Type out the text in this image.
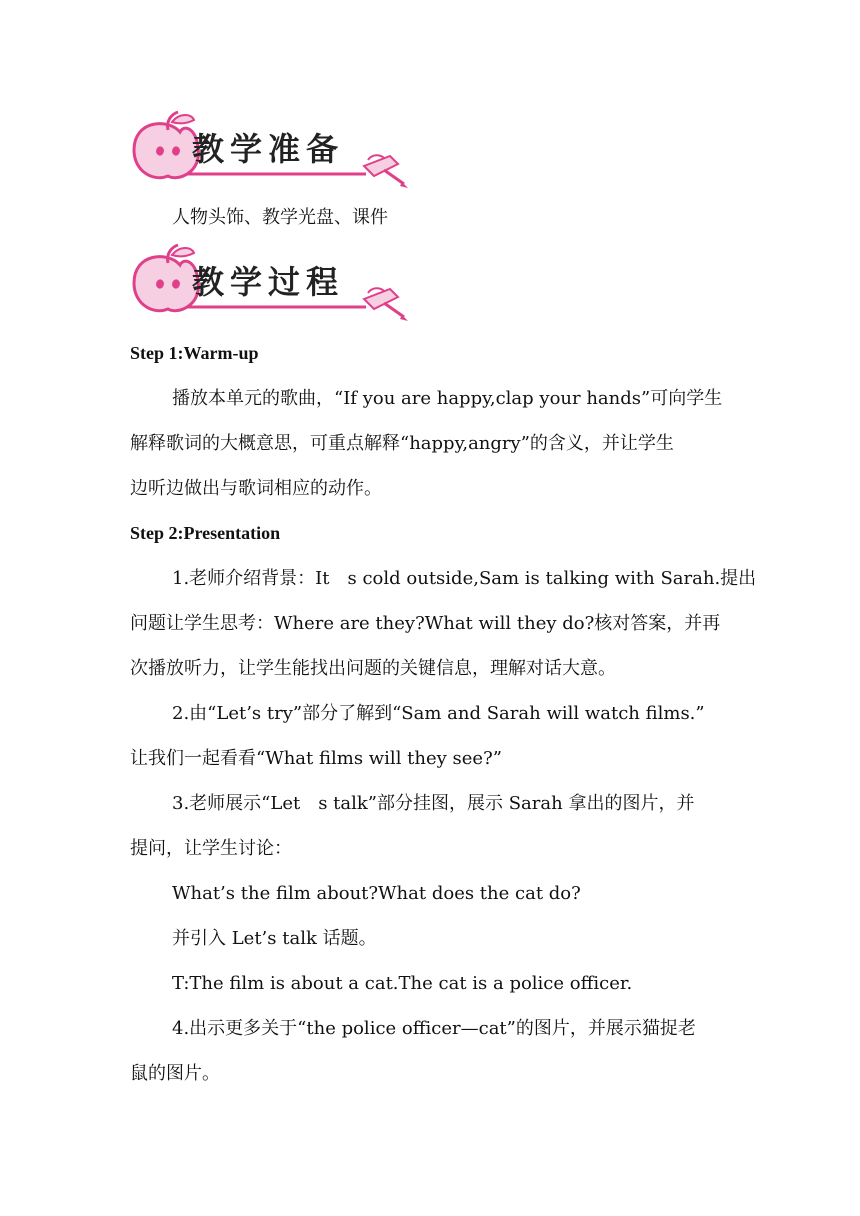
教学准备
人物头饰、教学光盘、课件
教学过程
Step 1:Warm-up
播放本单元的歌曲，“If you are happy,clap your hands”可向学生
解释歌词的大概意思，可重点解释“happy,angry”的含义，并让学生
边听边做出与歌词相应的动作。
Step 2:Presentation
1.老师介绍背景：It　s cold outside,Sam is talking with Sarah.提出
问题让学生思考：Where are they?What will they do?核对答案，并再
次播放听力，让学生能找出问题的关键信息，理解对话大意。
2.由“Let’s try”部分了解到“Sam and Sarah will watch films.”
让我们一起看看“What films will they see?”
3.老师展示“Let　s talk”部分挂图，展示 Sarah 拿出的图片，并
提问，让学生讨论：
What’s the film about?What does the cat do?
并引入 Let’s talk 话题。
T:The film is about a cat.The cat is a police officer.
4.出示更多关于“the police officer—cat”的图片，并展示猫捉老
鼠的图片。
